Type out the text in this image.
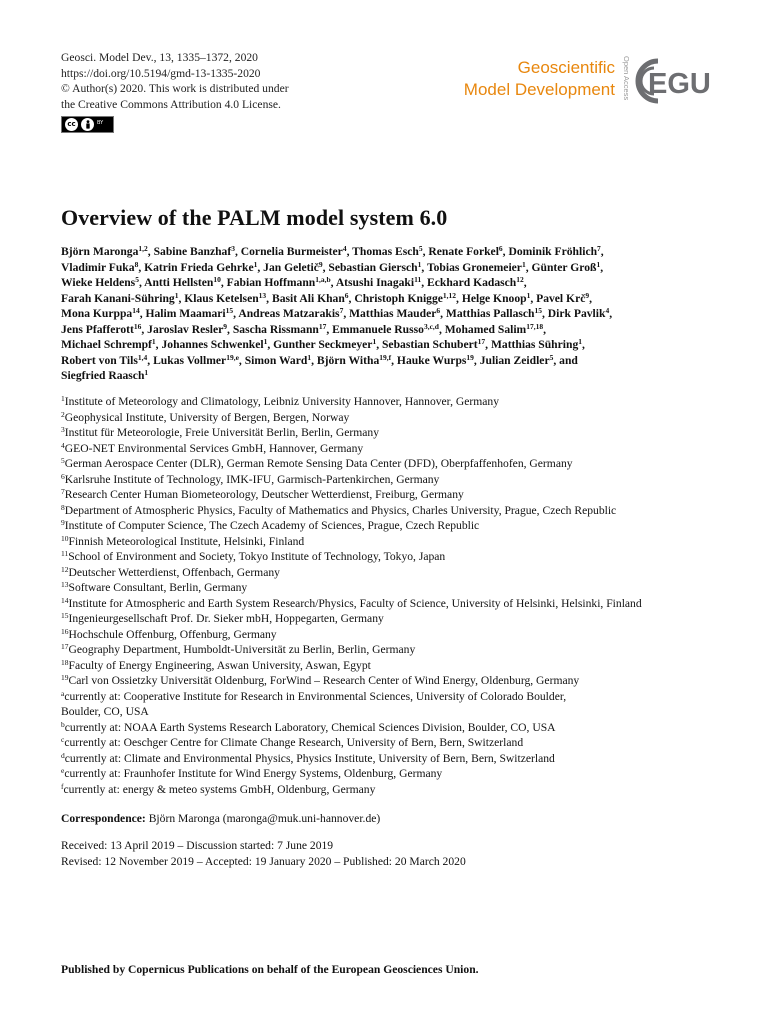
Geosci. Model Dev., 13, 1335–1372, 2020
https://doi.org/10.5194/gmd-13-1335-2020
© Author(s) 2020. This work is distributed under
the Creative Commons Attribution 4.0 License.
cc	BY
Geoscientific
Model Development Open Access EGU
Overview of the PALM model system 6.0

Björn Maronga$^{1,2}$, Sabine Banzhaf$^3$, Cornelia Burmeister$^4$, Thomas Esch$^5$, Renate Forkel$^6$, Dominik Fröhlich$^7$,

Vladimir Fuka$^8$, Katrin Frieda Gehrke$^1$, Jan Geletič$^9$, Sebastian Giersch$^1$, Tobias Gronemeier$^1$, Günter Groß$^1$,

Wieke Heldens$^5$, Antti Hellsten$^{10}$, Fabian Hoffmann$^{1,a,b}$, Atsushi Inagaki$^{11}$, Eckhard Kadasch$^{12}$,

Farah Kanani-Sühring$^1$, Klaus Ketelsen$^{13}$, Basit Ali Khan$^6$, Christoph Knigge$^{1,12}$, Helge Knoop$^1$, Pavel Krč$^9$,

Mona Kurppa$^{14}$, Halim Maamari$^{15}$, Andreas Matzarakis$^7$, Matthias Mauder$^6$, Matthias Pallasch$^{15}$, Dirk Pavlik$^4$,

Jens Pfafferott$^{16}$, Jaroslav Resler$^9$, Sascha Rissmann$^{17}$, Emmanuele Russo$^{3,c,d}$, Mohamed Salim$^{17,18}$,

Michael Schrempf$^1$, Johannes Schwenkel$^1$, Gunther Seckmeyer$^1$, Sebastian Schubert$^{17}$, Matthias Sühring$^1$,

Robert von Tils$^{1,4}$, Lukas Vollmer$^{19,e}$, Simon Ward$^1$, Björn Witha$^{19,f}$, Hauke Wurps$^{19}$, Julian Zeidler$^5$, and

Siegfried Raasch$^1$

$^1$Institute of Meteorology and Climatology, Leibniz University Hannover, Hannover, Germany

$^2$Geophysical Institute, University of Bergen, Bergen, Norway

$^3$Institut für Meteorologie, Freie Universität Berlin, Berlin, Germany

$^4$GEO-NET Environmental Services GmbH, Hannover, Germany

$^5$German Aerospace Center (DLR), German Remote Sensing Data Center (DFD), Oberpfaffenhofen, Germany

$^6$Karlsruhe Institute of Technology, IMK-IFU, Garmisch-Partenkirchen, Germany

$^7$Research Center Human Biometeorology, Deutscher Wetterdienst, Freiburg, Germany

$^8$Department of Atmospheric Physics, Faculty of Mathematics and Physics, Charles University, Prague, Czech Republic

$^9$Institute of Computer Science, The Czech Academy of Sciences, Prague, Czech Republic

$^{10}$Finnish Meteorological Institute, Helsinki, Finland

$^{11}$School of Environment and Society, Tokyo Institute of Technology, Tokyo, Japan

$^{12}$Deutscher Wetterdienst, Offenbach, Germany

$^{13}$Software Consultant, Berlin, Germany

$^{14}$Institute for Atmospheric and Earth System Research/Physics, Faculty of Science, University of Helsinki, Helsinki, Finland

$^{15}$Ingenieurgesellschaft Prof. Dr. Sieker mbH, Hoppegarten, Germany

$^{16}$Hochschule Offenburg, Offenburg, Germany

$^{17}$Geography Department, Humboldt-Universität zu Berlin, Berlin, Germany

$^{18}$Faculty of Energy Engineering, Aswan University, Aswan, Egypt

$^{19}$Carl von Ossietzky Universität Oldenburg, ForWind – Research Center of Wind Energy, Oldenburg, Germany

$^a$currently at: Cooperative Institute for Research in Environmental Sciences, University of Colorado Boulder,

Boulder, CO, USA

$^b$currently at: NOAA Earth Systems Research Laboratory, Chemical Sciences Division, Boulder, CO, USA

$^c$currently at: Oeschger Centre for Climate Change Research, University of Bern, Bern, Switzerland

$^d$currently at: Climate and Environmental Physics, Physics Institute, University of Bern, Bern, Switzerland

$^e$currently at: Fraunhofer Institute for Wind Energy Systems, Oldenburg, Germany

$^f$currently at: energy & meteo systems GmbH, Oldenburg, Germany

Correspondence: Björn Maronga (maronga@muk.uni-hannover.de)

Received: 13 April 2019 – Discussion started: 7 June 2019

Revised: 12 November 2019 – Accepted: 19 January 2020 – Published: 20 March 2020

Published by Copernicus Publications on behalf of the European Geosciences Union.
